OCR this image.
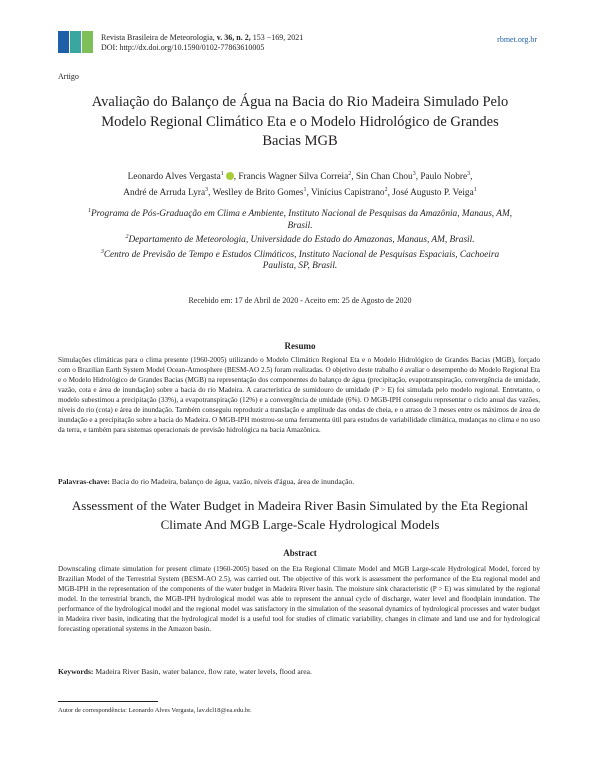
Revista Brasileira de Meteorologia, v. 36, n. 2, 153 −169, 2021
DOI: http://dx.doi.org/10.1590/0102-77863610005
rbmet.org.br
Artigo
Avaliação do Balanço de Água na Bacia do Rio Madeira Simulado Pelo Modelo Regional Climático Eta e o Modelo Hidrológico de Grandes Bacias MGB
Leonardo Alves Vergasta$^1$ , Francis Wagner Silva Correia$^2$, Sin Chan Chou$^3$, Paulo Nobre$^3$,
André de Arruda Lyra$^3$, Weslley de Brito Gomes$^1$, Vinícius Capistrano$^2$, José Augusto P. Veiga$^1$
$^1$Programa de Pós-Graduação em Clima e Ambiente, Instituto Nacional de Pesquisas da Amazônia, Manaus, AM, Brasil.
$^2$Departamento de Meteorologia, Universidade do Estado do Amazonas, Manaus, AM, Brasil.
$^3$Centro de Previsão de Tempo e Estudos Climáticos, Instituto Nacional de Pesquisas Espaciais, Cachoeira Paulista, SP, Brasil.
Recebido em: 17 de Abril de 2020 - Aceito em: 25 de Agosto de 2020
Resumo
Simulações climáticas para o clima presente (1960-2005) utilizando o Modelo Climático Regional Eta e o Modelo Hidrológico de Grandes Bacias (MGB), forçado com o Brazilian Earth System Model Ocean-Atmosphere (BESM-AO 2.5) foram realizadas. O objetivo deste trabalho é avaliar o desempenho do Modelo Regional Eta e o Modelo Hidrológico de Grandes Bacias (MGB) na representação dos componentes do balanço de água (precipitação, evapotranspiração, convergência de umidade, vazão, cota e área de inundação) sobre a bacia do rio Madeira. A característica de sumidouro de umidade (P > E) foi simulada pelo modelo regional. Entretanto, o modelo subestimou a precipitação (33%), a evapotranspiração (12%) e a convergência de umidade (6%). O MGB-IPH conseguiu representar o ciclo anual das vazões, níveis do rio (cota) e área de inundação. Também conseguiu reproduzir a translação e amplitude das ondas de cheia, e o atraso de 3 meses entre os máximos de área de inundação e a precipitação sobre a bacia do Madeira. O MGB-IPH mostrou-se uma ferramenta útil para estudos de variabilidade climática, mudanças no clima e no uso da terra, e também para sistemas operacionais de previsão hidrológica na bacia Amazônica.
Palavras-chave: Bacia do rio Madeira, balanço de água, vazão, níveis d'água, área de inundação.
Assessment of the Water Budget in Madeira River Basin Simulated by the Eta Regional Climate And MGB Large-Scale Hydrological Models
Abstract
Downscaling climate simulation for present climate (1960-2005) based on the Eta Regional Climate Model and MGB Large-scale Hydrological Model, forced by Brazilian Model of the Terrestrial System (BESM-AO 2.5), was carried out. The objective of this work is assessment the performance of the Eta regional model and MGB-IPH in the representation of the components of the water budget in Madeira River basin. The moisture sink characteristic (P > E) was simulated by the regional model. In the terrestrial branch, the MGB-IPH hydrological model was able to represent the annual cycle of discharge, water level and floodplain inundation. The performance of the hydrological model and the regional model was satisfactory in the simulation of the seasonal dynamics of hydrological processes and water budget in Madeira river basin, indicating that the hydrological model is a useful tool for studies of climatic variability, changes in climate and land use and for hydrological forecasting operational systems in the Amazon basin.
Keywords: Madeira River Basin, water balance, flow rate, water levels, flood area.
Autor de correspondência: Leonardo Alves Vergasta, lav.dcl18@ea.edu.br.
